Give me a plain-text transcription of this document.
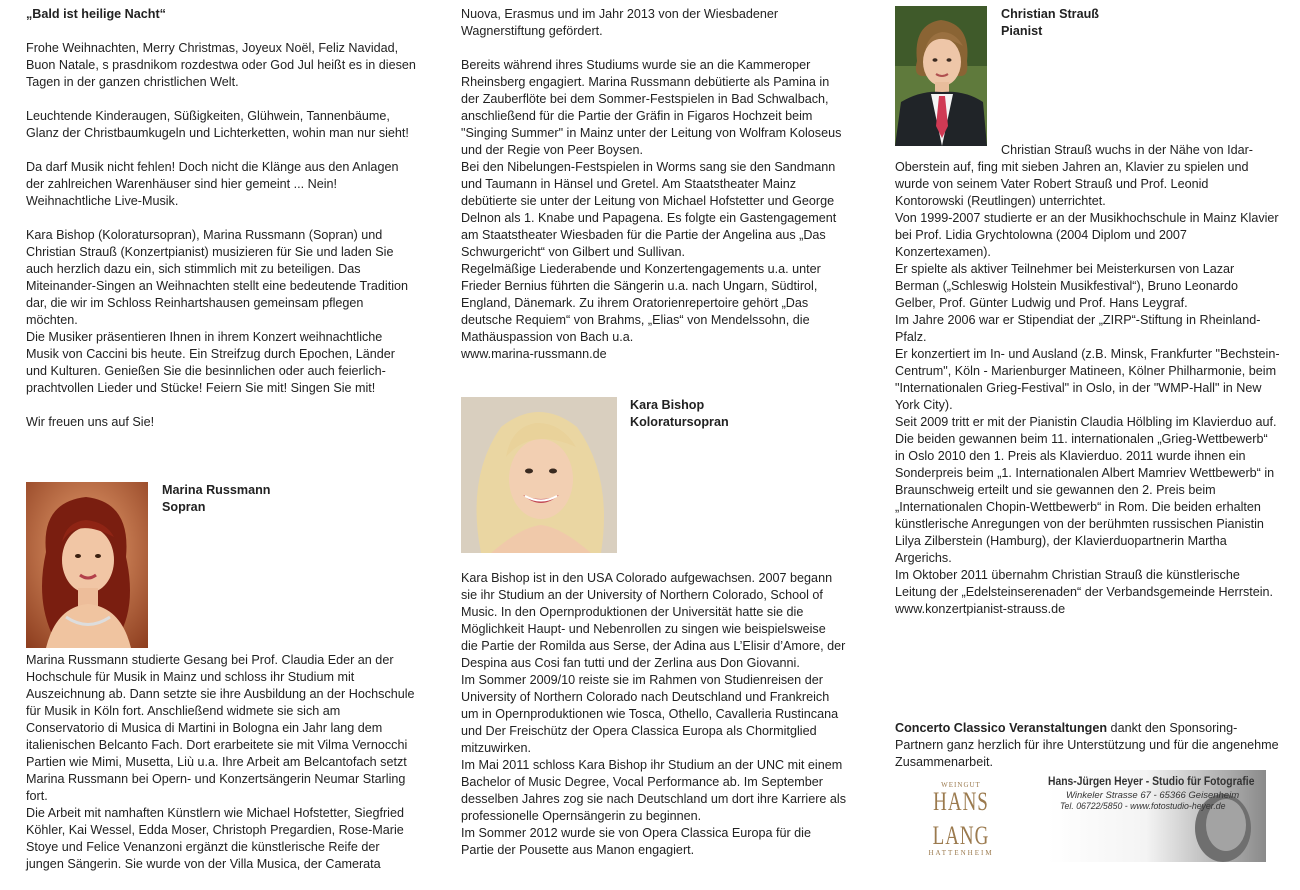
„Bald ist heilige Nacht“

Frohe Weihnachten, Merry Christmas, Joyeux Noël, Feliz Navidad, Buon Natale, s prasdnikom rozdestwa oder God Jul heißt es in diesen Tagen in der ganzen christlichen Welt.

Leuchtende Kinderaugen, Süßigkeiten, Glühwein, Tannenbäume, Glanz der Christbaumkugeln und Lichterketten, wohin man nur sieht!

Da darf Musik nicht fehlen! Doch nicht die Klänge aus den Anlagen der zahlreichen Warenhäuser sind hier gemeint ... Nein! Weihnachtliche Live-Musik.

Kara Bishop (Koloratursopran), Marina Russmann (Sopran) und Christian Strauß (Konzertpianist) musizieren für Sie und laden Sie auch herzlich dazu ein, sich stimmlich mit zu beteiligen. Das Miteinander-Singen an Weihnachten stellt eine bedeutende Tradition dar, die wir im Schloss Reinhartshausen gemeinsam pflegen möchten.

Die Musiker präsentieren Ihnen in ihrem Konzert weihnachtliche Musik von Caccini bis heute. Ein Streifzug durch Epochen, Länder und Kulturen. Genießen Sie die besinnlichen oder auch feierlich-prachtvollen Lieder und Stücke! Feiern Sie mit! Singen Sie mit!

Wir freuen uns auf Sie!

Marina Russmann
Sopran

Marina Russmann studierte Gesang bei Prof. Claudia Eder an der Hochschule für Musik in Mainz und schloss ihr Studium mit Auszeichnung ab. Dann setzte sie ihre Ausbildung an der Hochschule für Musik in Köln fort. Anschließend widmete sie sich am Conservatorio di Musica di Martini in Bologna ein Jahr lang dem italienischen Belcanto Fach. Dort erarbeitete sie mit Vilma Vernocchi Partien wie Mimi, Musetta, Liù u.a. Ihre Arbeit am Belcantofach setzt Marina Russmann bei Opern- und Konzertsängerin Neumar Starling fort.

Die Arbeit mit namhaften Künstlern wie Michael Hofstetter, Siegfried Köhler, Kai Wessel, Edda Moser, Christoph Pregardien, Rose-Marie Stoye und Felice Venanzoni ergänzt die künstlerische Reife der jungen Sängerin. Sie wurde von der Villa Musica, der Camerata

Nuova, Erasmus und im Jahr 2013 von der Wiesbadener Wagnerstiftung gefördert.

Bereits während ihres Studiums wurde sie an die Kammeroper Rheinsberg engagiert. Marina Russmann debütierte als Pamina in der Zauberflöte bei dem Sommer-Festspielen in Bad Schwalbach, anschließend für die Partie der Gräfin in Figaros Hochzeit beim "Singing Summer" in Mainz unter der Leitung von Wolfram Koloseus und der Regie von Peer Boysen.

Bei den Nibelungen-Festspielen in Worms sang sie den Sandmann und Taumann in Hänsel und Gretel. Am Staatstheater Mainz debütierte sie unter der Leitung von Michael Hofstetter und George Delnon als 1. Knabe und Papagena. Es folgte ein Gastengagement am Staatstheater Wiesbaden für die Partie der Angelina aus „Das Schwurgericht“ von Gilbert und Sullivan.

Regelmäßige Liederabende und Konzertengagements u.a. unter Frieder Bernius führten die Sängerin u.a. nach Ungarn, Südtirol, England, Dänemark. Zu ihrem Oratorienrepertoire gehört „Das deutsche Requiem“ von Brahms, „Elias“ von Mendelssohn, die Mathäuspassion von Bach u.a.

www.marina-russmann.de

Kara Bishop
Koloratursopran

Kara Bishop ist in den USA Colorado aufgewachsen. 2007 begann sie ihr Studium an der University of Northern Colorado, School of Music. In den Opernproduktionen der Universität hatte sie die Möglichkeit Haupt- und Nebenrollen zu singen wie beispielsweise die Partie der Romilda aus Serse, der Adina aus L’Elisir d’Amore, der Despina aus Cosi fan tutti und der Zerlina aus Don Giovanni.

Im Sommer 2009/10 reiste sie im Rahmen von Studienreisen der University of Northern Colorado nach Deutschland und Frankreich um in Opernproduktionen wie Tosca, Othello, Cavalleria Rustincana und Der Freischütz der Opera Classica Europa als Chormitglied mitzuwirken.

Im Mai 2011 schloss Kara Bishop ihr Studium an der UNC mit einem Bachelor of Music Degree, Vocal Performance ab. Im September desselben Jahres zog sie nach Deutschland um dort ihre Karriere als professionelle Opernsängerin zu beginnen.

Im Sommer 2012 wurde sie von Opera Classica Europa für die Partie der Pousette aus Manon engagiert.

Christian Strauß
Pianist

Christian Strauß wuchs in der Nähe von Idar-Oberstein auf, fing mit sieben Jahren an, Klavier zu spielen und wurde von seinem Vater Robert Strauß und Prof. Leonid Kontorowski (Reutlingen) unterrichtet.

Von 1999-2007 studierte er an der Musikhochschule in Mainz Klavier bei Prof. Lidia Grychtolowna (2004 Diplom und 2007 Konzertexamen).

Er spielte als aktiver Teilnehmer bei Meisterkursen von Lazar Berman („Schleswig Holstein Musikfestival“), Bruno Leonardo Gelber, Prof. Günter Ludwig und Prof. Hans Leygraf.

Im Jahre 2006 war er Stipendiat der „ZIRP“-Stiftung in Rheinland-Pfalz.

Er konzertiert im In- und Ausland (z.B. Minsk, Frankfurter "Bechstein-Centrum", Köln - Marienburger Matineen, Kölner Philharmonie, beim "Internationalen Grieg-Festival" in Oslo, in der "WMP-Hall" in New York City).

Seit 2009 tritt er mit der Pianistin Claudia Hölbling im Klavierduo auf. Die beiden gewannen beim 11. internationalen „Grieg-Wettbewerb“ in Oslo 2010 den 1. Preis als Klavierduo. 2011 wurde ihnen ein Sonderpreis beim „1. Internationalen Albert Mamriev Wettbewerb“ in Braunschweig erteilt und sie gewannen den 2. Preis beim „Internationalen Chopin-Wettbewerb“ in Rom. Die beiden erhalten künstlerische Anregungen von der berühmten russischen Pianistin Lilya Zilberstein (Hamburg), der Klavierduopartnerin Martha Argerichs.

Im Oktober 2011 übernahm Christian Strauß die künstlerische Leitung der „Edelsteinserenaden“ der Verbandsgemeinde Herrstein.

www.konzertpianist-strauss.de

Concerto Classico Veranstaltungen dankt den Sponsoring-Partnern ganz herzlich für ihre Unterstützung und für die angenehme Zusammenarbeit.

WEINGUT
HANS LANG
HATTENHEIM
Hans-Jürgen Heyer - Studio für Fotografie
Winkeler Strasse 67 - 65366 Geisenheim
Tel. 06722/5850 - www.fotostudio-heyer.de
